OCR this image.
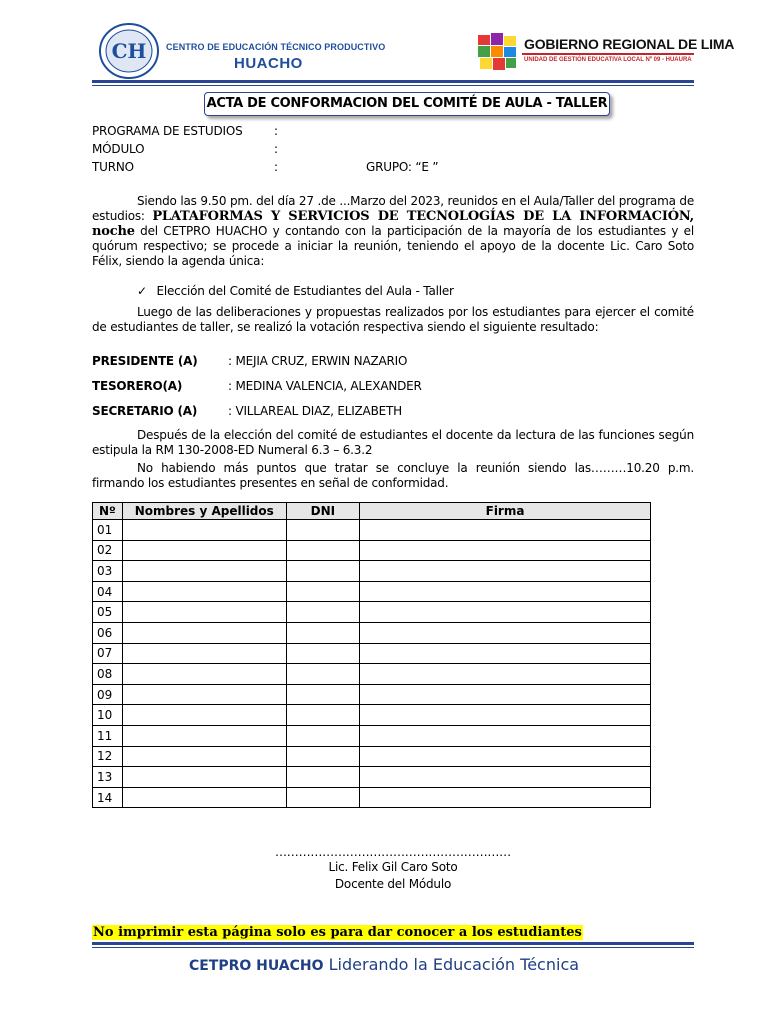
CH CENTRO DE EDUCACIÓN TÉCNICO PRODUCTIVO
HUACHO
GOBIERNO REGIONAL DE LIMA
UNIDAD DE GESTIÓN EDUCATIVA LOCAL Nº 09 - HUAURA
ACTA DE CONFORMACION DEL COMITÉ DE AULA - TALLER
PROGRAMA DE ESTUDIOS	:
MÓDULO	:
TURNO	:	GRUPO: “E ”
Siendo las 9.50 pm. del día 27 .de ...Marzo del 2023, reunidos en el Aula/Taller del programa de estudios: PLATAFORMAS Y SERVICIOS DE TECNOLOGÍAS DE LA INFORMACIÓN, noche del CETPRO HUACHO y contando con la participación de la mayoría de los estudiantes y el quórum respectivo; se procede a iniciar la reunión, teniendo el apoyo de la docente Lic. Caro Soto Félix, siendo la agenda única:
✓ Elección del Comité de Estudiantes del Aula - Taller
Luego de las deliberaciones y propuestas realizados por los estudiantes para ejercer el comité de estudiantes de taller, se realizó la votación respectiva siendo el siguiente resultado:
PRESIDENTE (A)	: MEJIA CRUZ, ERWIN NAZARIO
TESORERO(A)	: MEDINA VALENCIA, ALEXANDER
SECRETARIO (A)	: VILLAREAL DIAZ, ELIZABETH
Después de la elección del comité de estudiantes el docente da lectura de las funciones según estipula la RM 130-2008-ED Numeral 6.3 – 6.3.2
No habiendo más puntos que tratar se concluye la reunión siendo las………10.20 p.m. firmando los estudiantes presentes en señal de conformidad.
Nº	Nombres y Apellidos	DNI	Firma
01			
02			
03			
04			
05			
06			
07			
08			
09			
10			
11			
12			
13			
14			
……………………………………………………
Lic. Felix Gil Caro Soto
Docente del Módulo
No imprimir esta página solo es para dar conocer a los estudiantes
CETPRO HUACHO Liderando la Educación Técnica
